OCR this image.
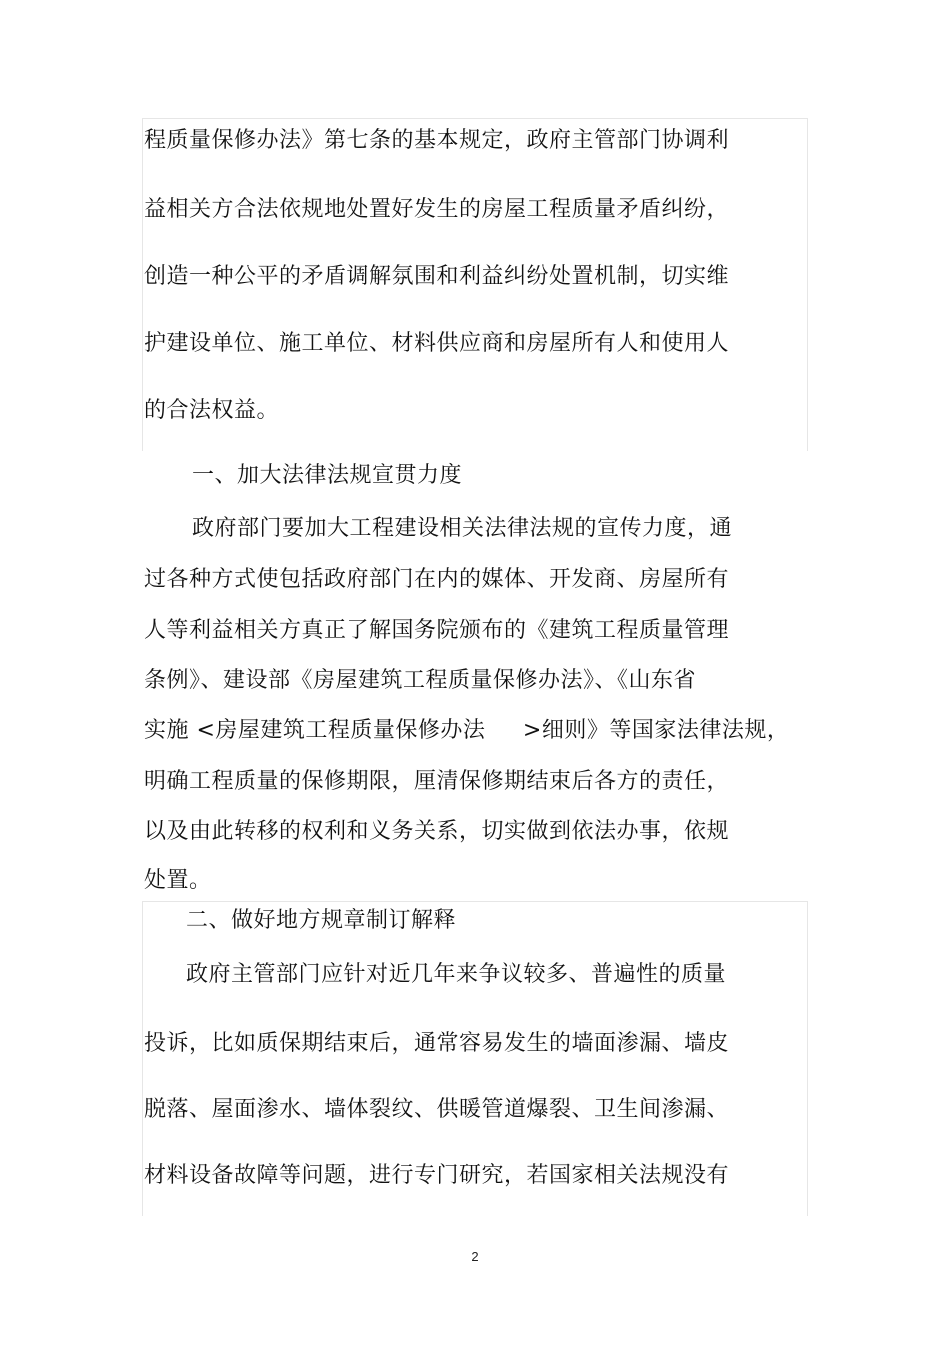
程质量保修办法》第七条的基本规定，政府主管部门协调利
益相关方合法依规地处置好发生的房屋工程质量矛盾纠纷，
创造一种公平的矛盾调解氛围和利益纠纷处置机制，切实维
护建设单位、施工单位、材料供应商和房屋所有人和使用人
的合法权益。
一、加大法律法规宣贯力度
政府部门要加大工程建设相关法律法规的宣传力度，通
过各种方式使包括政府部门在内的媒体、开发商、房屋所有
人等利益相关方真正了解国务院颁布的《建筑工程质量管理
条例》、建设部《房屋建筑工程质量保修办法》、《山东省
实施 <房屋建筑工程质量保修办法 　 >细则》等国家法律法规，
明确工程质量的保修期限，厘清保修期结束后各方的责任，
以及由此转移的权利和义务关系，切实做到依法办事，依规
处置。
二、做好地方规章制订解释
政府主管部门应针对近几年来争议较多、普遍性的质量
投诉，比如质保期结束后，通常容易发生的墙面渗漏、墙皮
脱落、屋面渗水、墙体裂纹、供暖管道爆裂、卫生间渗漏、
材料设备故障等问题，进行专门研究，若国家相关法规没有
2
